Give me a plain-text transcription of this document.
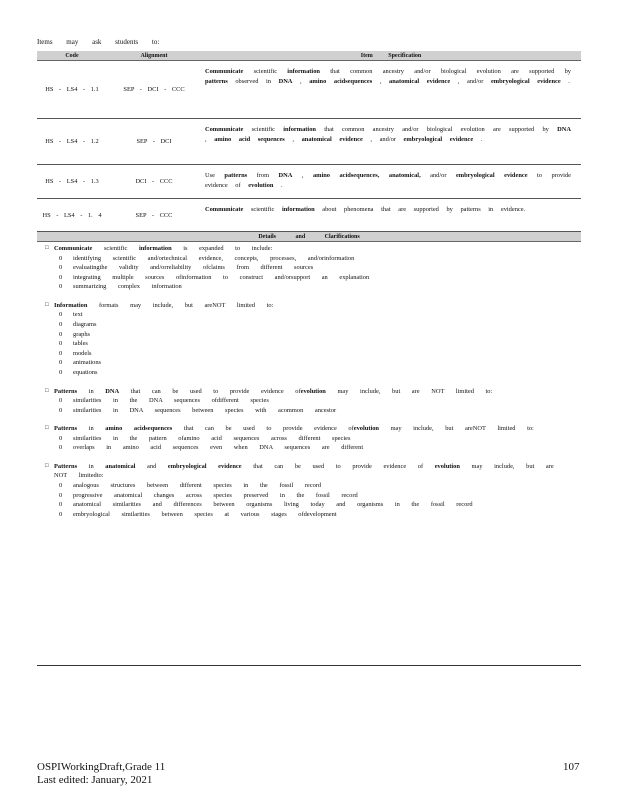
Items may ask students to:
Code	Alignment	Item Specification
HS - LS4 - 1.1	SEP - DCI - CCC
Communicate scientific information that common ancestry and/or biological evolution are supported by patterns observed in DNA , amino acidsequences , anatomical evidence , and/or embryological evidence .
HS - LS4 - 1.2	SEP - DCI
Communicate scientific information that common ancestry and/or biological evolution are supported by DNA , amino acid sequences , anatomical evidence , and/or embryological evidence .
HS - LS4 - 1.3	DCI - CCC
Use patterns from DNA , amino acidsequences, anatomical, and/or embryological evidence to provide evidence of evolution .
HS - LS4 - 1. 4	SEP - CCC
Communicate scientific information about phenomena that are supported by patterns in evidence.
Details and Clarifications
□ Communicate scientific information is expanded to include:
0	identifying scientific and/ortechnical evidence, concepts, processes, and/orinformation
0	evaluatingthe validity and/orreliability ofclaims from different sources
0	integrating multiple sources ofinformation to construct and/orsupport an explanation
0	summarizing complex information
□ Information formats may include, but areNOT limited to:
0	text
0	diagrams
0	graphs
0	tables
0	models
0	animations
0	equations
□ Patterns in DNA that can be used to provide evidence ofevolution may include, but are NOT limited to:
0	similarities in the DNA sequences ofdifferent species
0	similarities in DNA sequences between species with acommon ancestor
□ Patterns in amino acidsequences that can be used to provide evidence ofevolution may include, but areNOT limited to:
0	similarities in the pattern ofamino acid sequences across different species
0	overlaps in amino acid sequences even when DNA sequences are different
□ Patterns in anatomical and embryological evidence that can be used to provide evidence of evolution may include, but are NOT limitedto:
0	analogous structures between different species in the fossil record
0	progressive anatomical changes across species preserved in the fossil record
0	anatomical similarities and differences between organisms living today and organisms in the fossil record
0	embryological similarities between species at various stages ofdevelopment
OSPIWorkingDraft,Grade 11
Last edited: January, 2021
107
